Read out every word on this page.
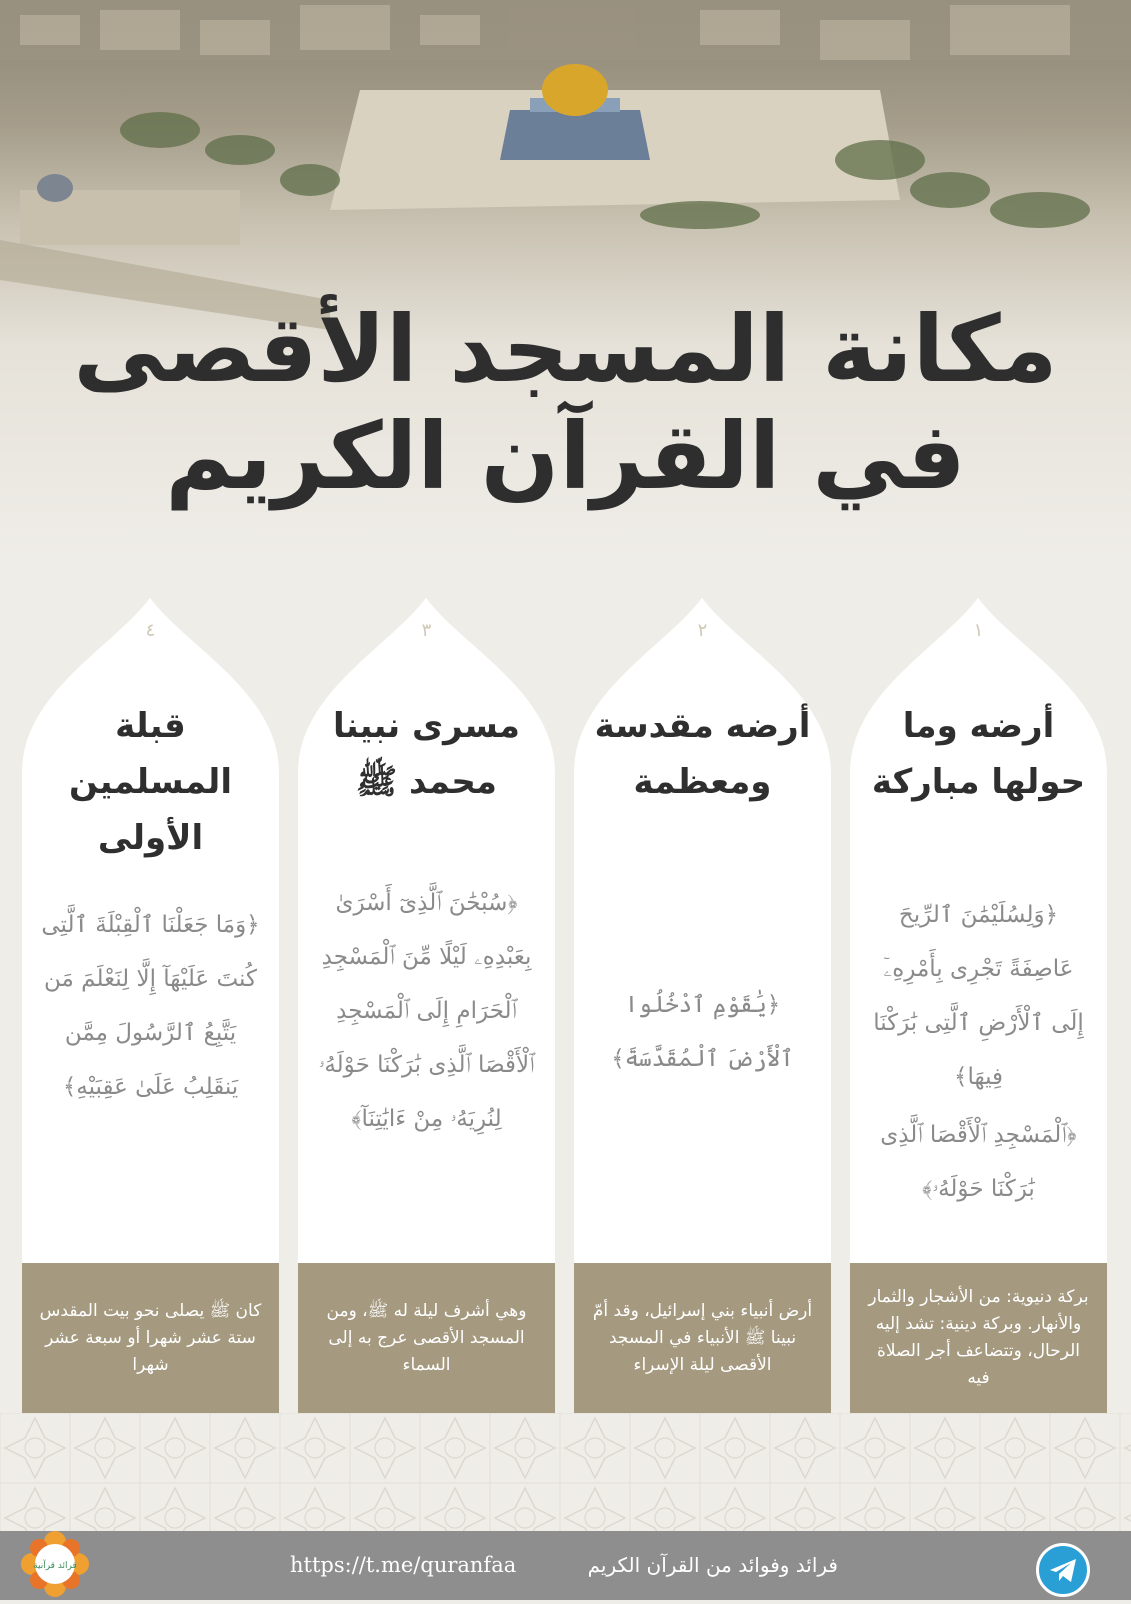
مكانة المسجد الأقصى
في القرآن الكريم
٤
قبلة المسلمين الأولى
﴿وَمَا جَعَلْنَا ٱلْقِبْلَةَ ٱلَّتِى كُنتَ عَلَيْهَآ إِلَّا لِنَعْلَمَ مَن يَتَّبِعُ ٱلرَّسُولَ مِمَّن يَنقَلِبُ عَلَىٰ عَقِبَيْهِ﴾
كان ﷺ يصلى نحو بيت المقدس ستة عشر شهرا أو سبعة عشر شهرا
٣
مسرى نبينا محمد ﷺ
﴿سُبْحَٰنَ ٱلَّذِىٓ أَسْرَىٰ بِعَبْدِهِۦ لَيْلًا مِّنَ ٱلْمَسْجِدِ ٱلْحَرَامِ إِلَى ٱلْمَسْجِدِ ٱلْأَقْصَا ٱلَّذِى بَٰرَكْنَا حَوْلَهُۥ لِنُرِيَهُۥ مِنْ ءَايَٰتِنَآ﴾
وهي أشرف ليلة له ﷺ، ومن المسجد الأقصى عرج به إلى السماء
٢
أرضه مقدسة ومعظمة
﴿يَٰقَوْمِ ٱدْخُلُوا ٱلْأَرْضَ ٱلْمُقَدَّسَةَ﴾
أرض أنبياء بني إسرائيل، وقد أمّ نبينا ﷺ الأنبياء في المسجد الأقصى ليلة الإسراء
١
أرضه وما حولها مباركة
﴿وَلِسُلَيْمَٰنَ ٱلرِّيحَ عَاصِفَةً تَجْرِى بِأَمْرِهِۦٓ إِلَى ٱلْأَرْضِ ٱلَّتِى بَٰرَكْنَا فِيهَا﴾
﴿ٱلْمَسْجِدِ ٱلْأَقْصَا ٱلَّذِى بَٰرَكْنَا حَوْلَهُۥ﴾
بركة دنيوية: من الأشجار والثمار والأنهار. وبركة دينية: تشد إليه الرحال، وتتضاعف أجر الصلاة فيه
https://t.me/quranfaa	فرائد وفوائد من القرآن الكريم
فرائد قرآنية
